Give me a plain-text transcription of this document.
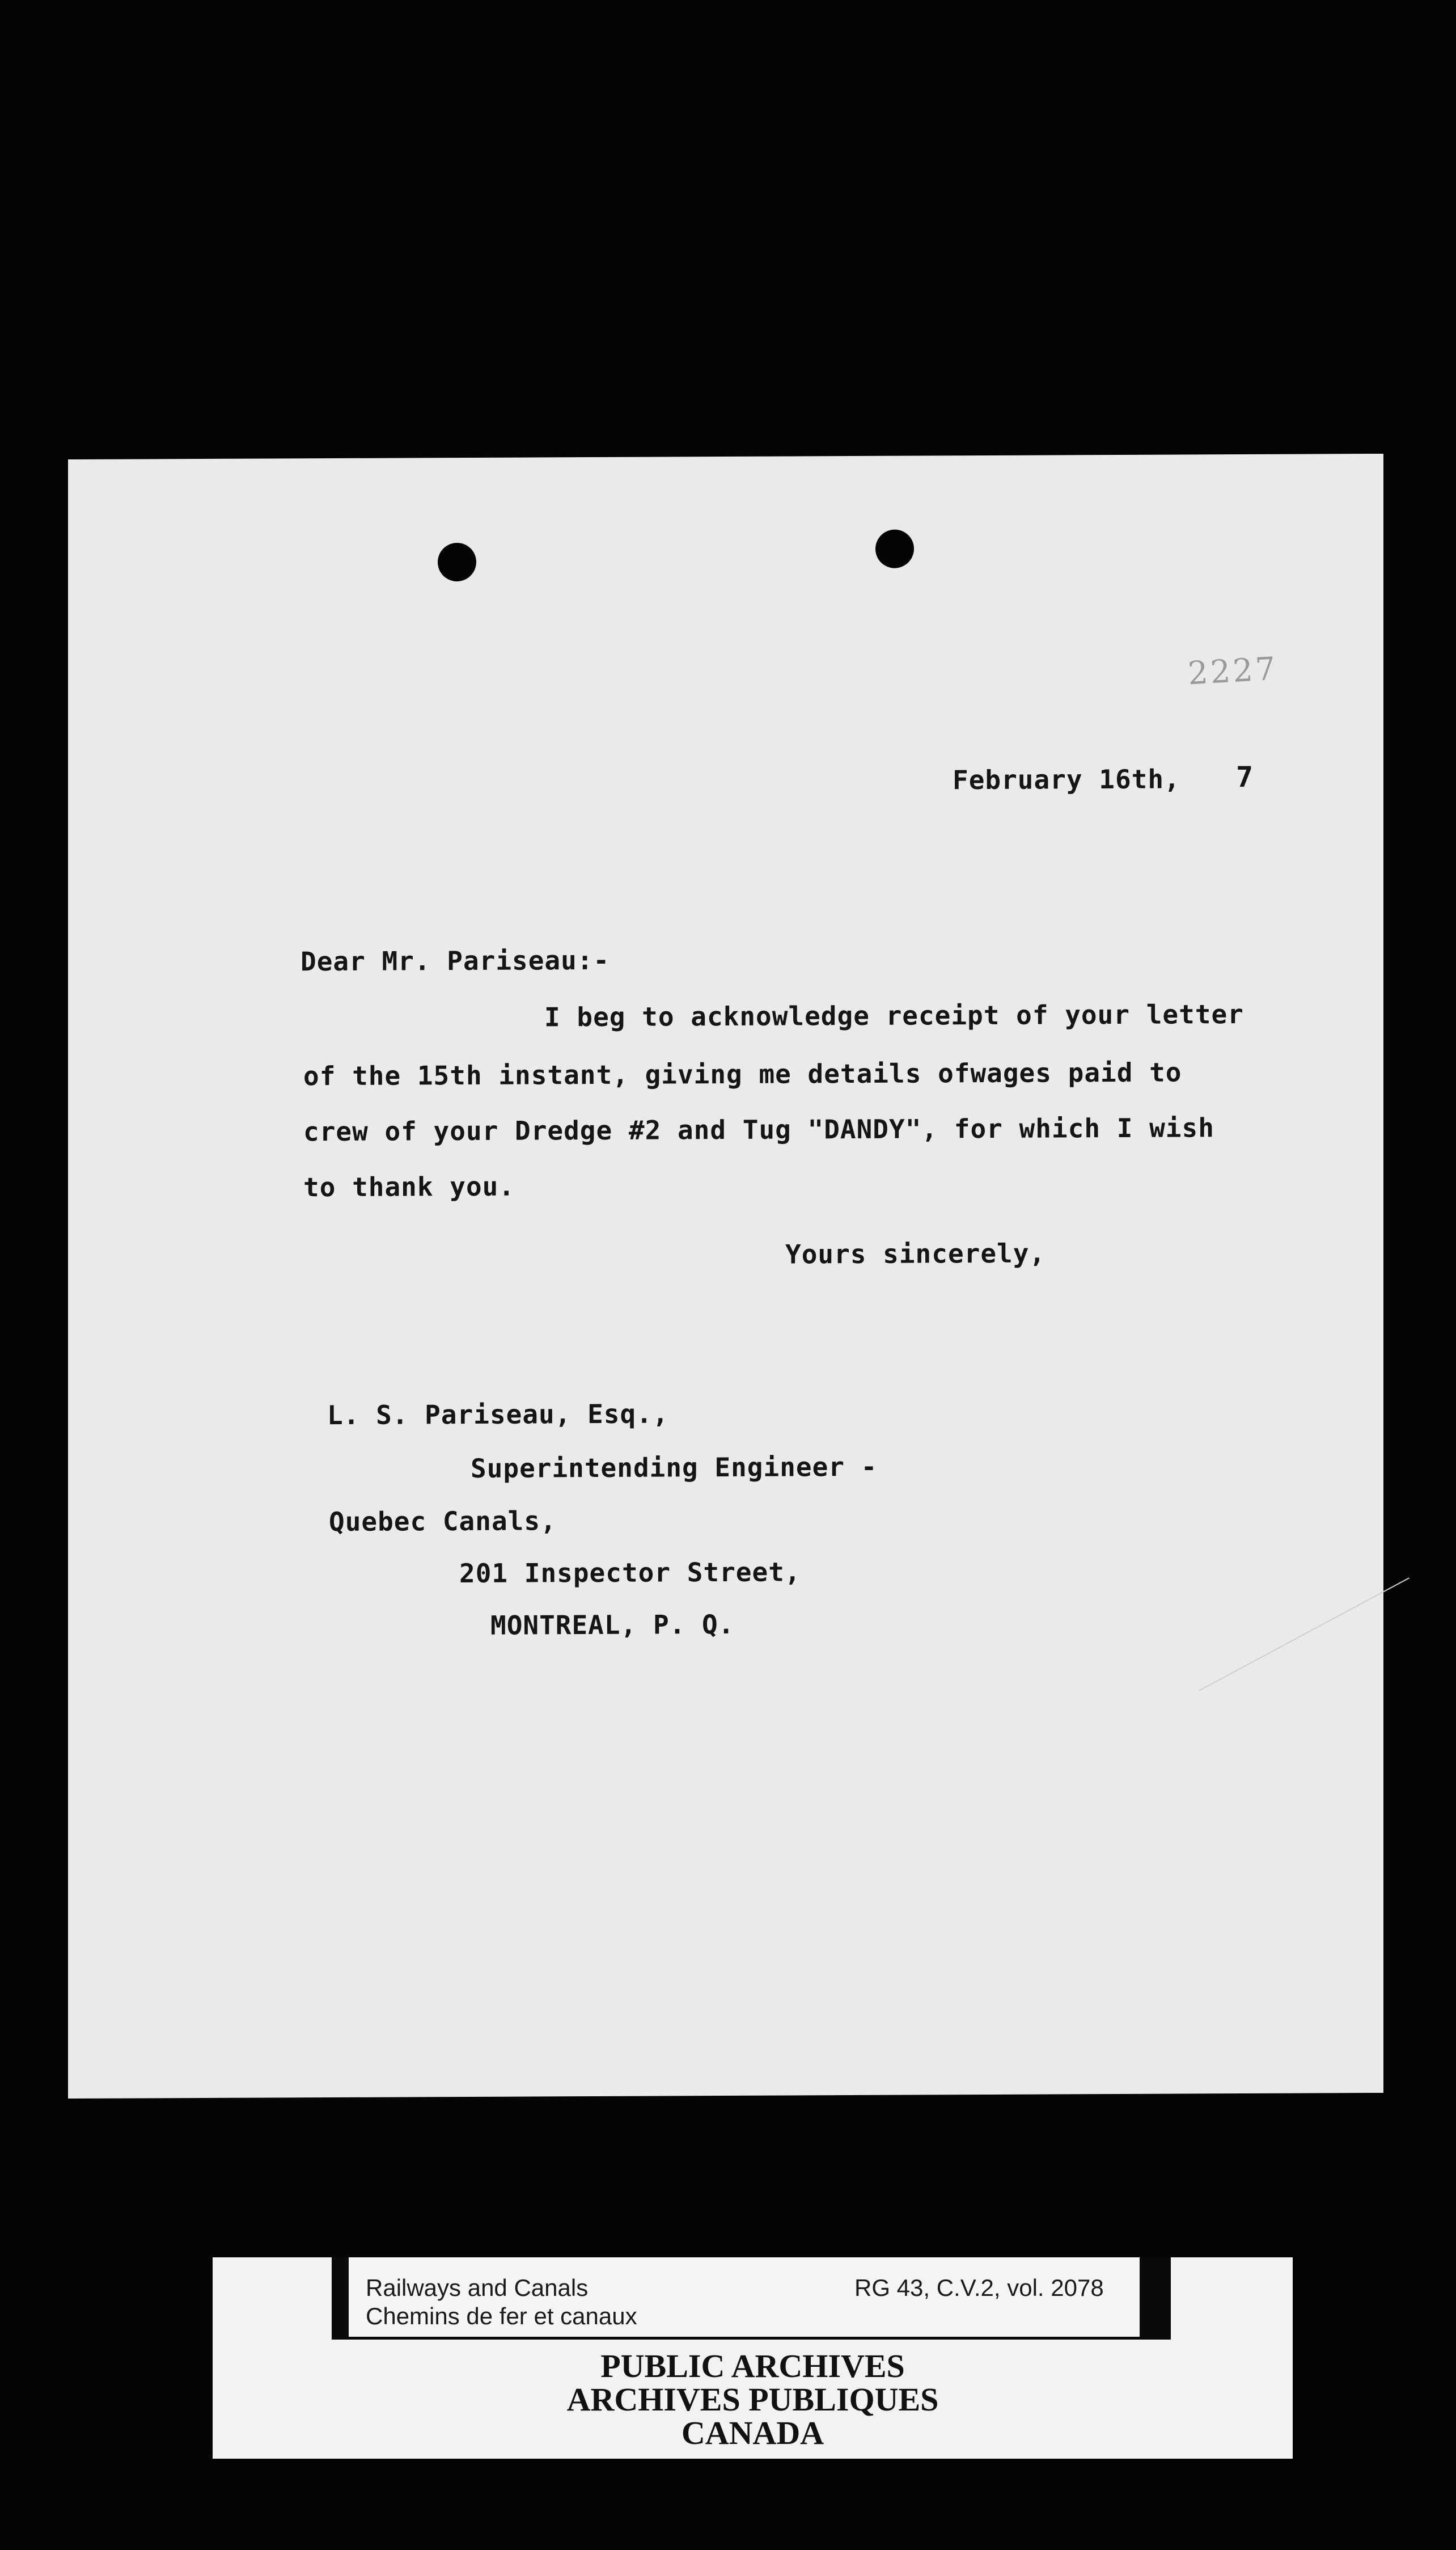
2227
February 16th, 7
Dear Mr. Pariseau:-
I beg to acknowledge receipt of your letter
of the 15th instant, giving me details ofwages paid to
crew of your Dredge #2 and Tug "DANDY", for which I wish
to thank you.
Yours sincerely,
L. S. Pariseau, Esq.,
Superintending Engineer -
Quebec Canals,
201 Inspector Street,
MONTREAL, P. Q.
Railways and Canals
Chemins de fer et canaux
RG 43, C.V.2, vol. 2078
PUBLIC ARCHIVES
ARCHIVES PUBLIQUES
CANADA
